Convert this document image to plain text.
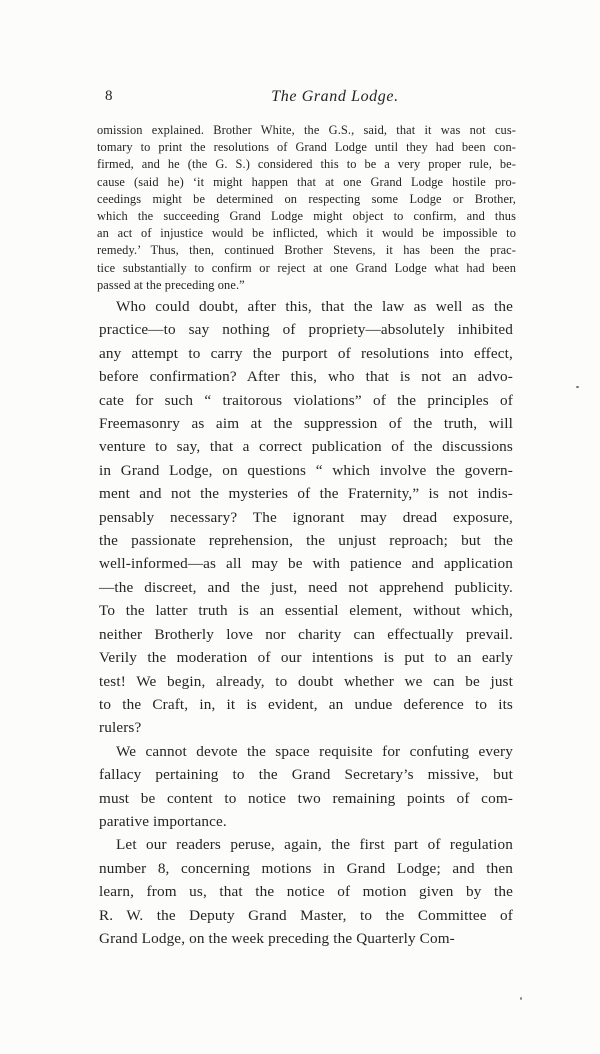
8	The Grand Lodge.
omission explained. Brother White, the G.S., said, that it was not cus-
tomary to print the resolutions of Grand Lodge until they had been con-
firmed, and he (the G. S.) considered this to be a very proper rule, be-
cause (said he) ‘it might happen that at one Grand Lodge hostile pro-
ceedings might be determined on respecting some Lodge or Brother,
which the succeeding Grand Lodge might object to confirm, and thus
an act of injustice would be inflicted, which it would be impossible to
remedy.’ Thus, then, continued Brother Stevens, it has been the prac-
tice substantially to confirm or reject at one Grand Lodge what had been
passed at the preceding one.”
Who could doubt, after this, that the law as well as the
practice—to say nothing of propriety—absolutely inhibited
any attempt to carry the purport of resolutions into effect,
before confirmation? After this, who that is not an advo-
cate for such “ traitorous violations” of the principles of
Freemasonry as aim at the suppression of the truth, will
venture to say, that a correct publication of the discussions
in Grand Lodge, on questions “ which involve the govern-
ment and not the mysteries of the Fraternity,” is not indis-
pensably necessary? The ignorant may dread exposure,
the passionate reprehension, the unjust reproach; but the
well-informed—as all may be with patience and application
—the discreet, and the just, need not apprehend publicity.
To the latter truth is an essential element, without which,
neither Brotherly love nor charity can effectually prevail.
Verily the moderation of our intentions is put to an early
test! We begin, already, to doubt whether we can be just
to the Craft, in, it is evident, an undue deference to its
rulers?
We cannot devote the space requisite for confuting every
fallacy pertaining to the Grand Secretary’s missive, but
must be content to notice two remaining points of com-
parative importance.
Let our readers peruse, again, the first part of regulation
number 8, concerning motions in Grand Lodge; and then
learn, from us, that the notice of motion given by the
R. W. the Deputy Grand Master, to the Committee of
Grand Lodge, on the week preceding the Quarterly Com-
